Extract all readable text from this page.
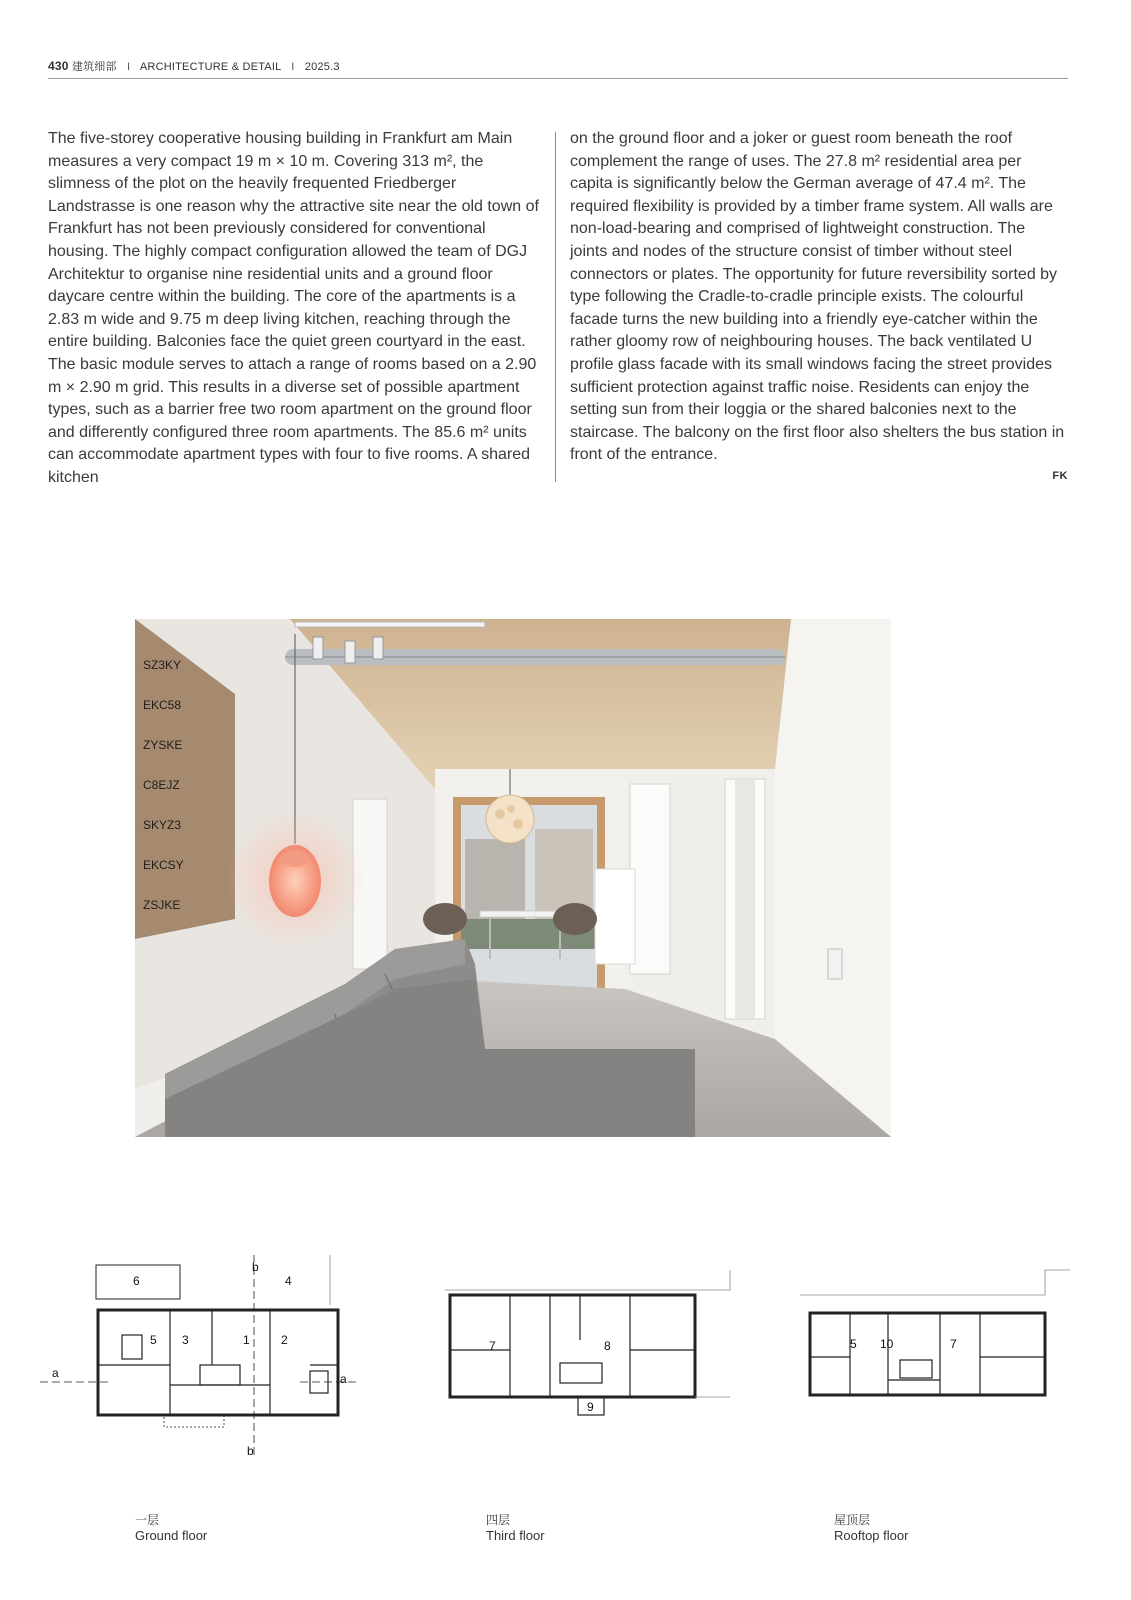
430 建筑细部 I ARCHITECTURE & DETAIL I 2025.3

The five-storey cooperative housing building in Frankfurt am Main measures a very compact 19 m × 10 m. Covering 313 m², the slimness of the plot on the heavily frequented Friedberger Landstrasse is one reason why the attractive site near the old town of Frankfurt has not been previously considered for conventional housing. The highly compact configuration allowed the team of DGJ Architektur to organise nine residential units and a ground floor daycare centre within the building. The core of the apartments is a 2.83 m wide and 9.75 m deep living kitchen, reaching through the entire building. Balconies face the quiet green courtyard in the east. The basic module serves to attach a range of rooms based on a 2.90 m × 2.90 m grid. This results in a diverse set of possible apartment types, such as a barrier free two room apartment on the ground floor and differently configured three room apartments. The 85.6 m² units can accommodate apartment types with four to five rooms. A shared kitchen

on the ground floor and a joker or guest room beneath the roof complement the range of uses. The 27.8 m² residential area per capita is significantly below the German average of 47.4 m². The required flexibility is provided by a timber frame system. All walls are non-load-bearing and comprised of lightweight construction. The joints and nodes of the structure consist of timber without steel connectors or plates. The opportunity for future reversibility sorted by type following the Cradle-to-cradle principle exists. The colourful facade turns the new building into a friendly eye-catcher within the rather gloomy row of neighbouring houses. The back ventilated U profile glass facade with its small windows facing the street provides sufficient protection against traffic noise. Residents can enjoy the setting sun from their loggia or the shared balconies next to the staircase. The balcony on the first floor also shelters the bus station in front of the entrance.

FK
SZ3KY
EKC58
ZYSKE
C8EJZ
SKYZ3
EKCSY
ZSJKE
6
b
4
5 3	1	2
a	a
b
7	8
9
5 10	7
一层
Ground floor
四层
Third floor
屋顶层
Rooftop floor
